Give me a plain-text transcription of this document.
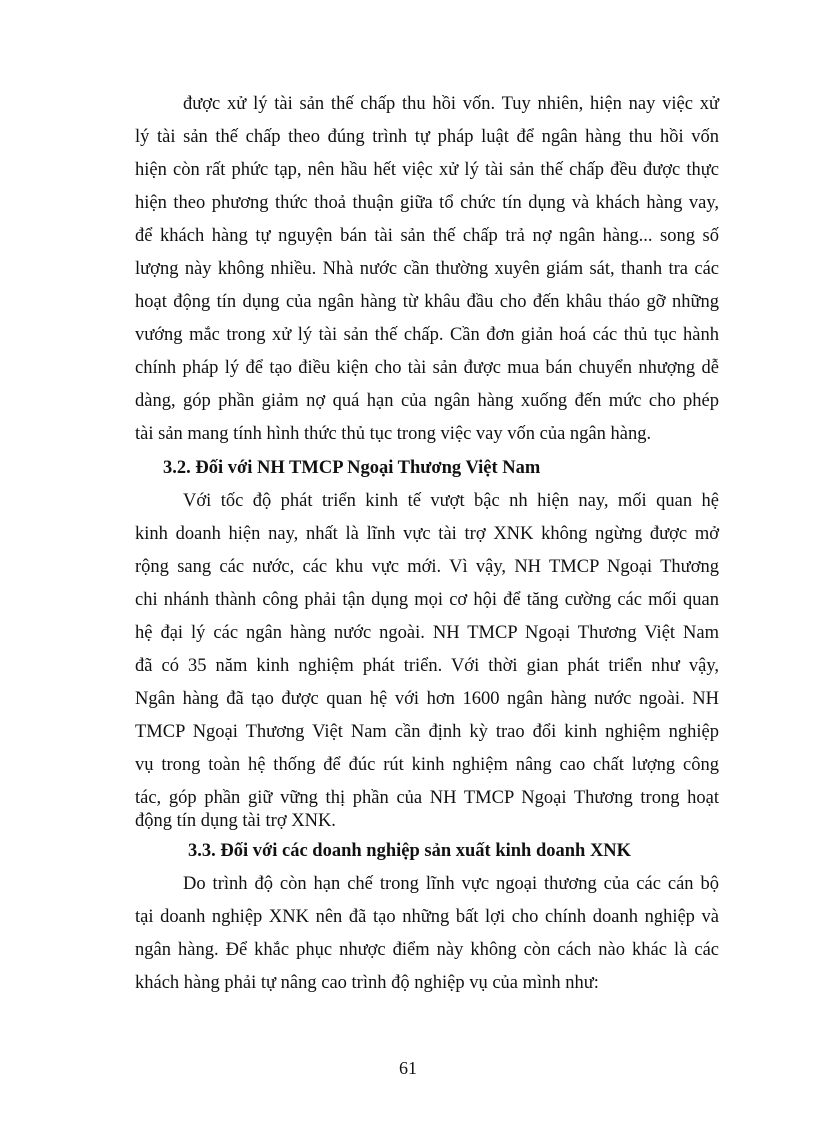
được xử lý tài sản thế chấp thu hồi vốn. Tuy nhiên, hiện nay việc xử
lý tài sản thế chấp theo đúng trình tự pháp luật để ngân hàng thu hồi vốn
hiện còn rất phức tạp, nên hầu hết việc xử lý tài sản thế chấp đều được thực
hiện theo phương thức thoả thuận giữa tổ chức tín dụng và khách hàng vay,
để khách hàng tự nguyện bán tài sản thế chấp trả nợ ngân hàng... song số
lượng này không nhiều. Nhà nước cần thường xuyên giám sát, thanh tra các
hoạt động tín dụng của ngân hàng từ khâu đầu cho đến khâu tháo gỡ những
vướng mắc trong xử lý tài sản thế chấp. Cần đơn giản hoá các thủ tục hành
chính pháp lý để tạo điều kiện cho tài sản được mua bán chuyển nhượng dễ
dàng, góp phần giảm nợ quá hạn của ngân hàng xuống đến mức cho phép
tài sản mang tính hình thức thủ tục trong việc vay vốn của ngân hàng.
3.2. Đối với NH TMCP Ngoại Thương Việt Nam
Với tốc độ phát triển kinh tế vượt bậc nh hiện nay, mối quan hệ
kinh doanh hiện nay, nhất là lĩnh vực tài trợ XNK không ngừng được mở
rộng sang các nước, các khu vực mới. Vì vậy, NH TMCP Ngoại Thương
chi nhánh thành công phải tận dụng mọi cơ hội để tăng cường các mối quan
hệ đại lý các ngân hàng nước ngoài. NH TMCP Ngoại Thương Việt Nam
đã có 35 năm kinh nghiệm phát triển. Với thời gian phát triển như vậy,
Ngân hàng đã tạo được quan hệ với hơn 1600 ngân hàng nước ngoài. NH
TMCP Ngoại Thương Việt Nam cần định kỳ trao đổi kinh nghiệm nghiệp
vụ trong toàn hệ thống để đúc rút kinh nghiệm nâng cao chất lượng công
tác, góp phần giữ vững thị phần của NH TMCP Ngoại Thương trong hoạt
động tín dụng tài trợ XNK.
3.3. Đối với các doanh nghiệp sản xuất kinh doanh XNK
Do trình độ còn hạn chế trong lĩnh vực ngoại thương của các cán bộ
tại doanh nghiệp XNK nên đã tạo những bất lợi cho chính doanh nghiệp và
ngân hàng. Để khắc phục nhược điểm này không còn cách nào khác là các
khách hàng phải tự nâng cao trình độ nghiệp vụ của mình như:
61
